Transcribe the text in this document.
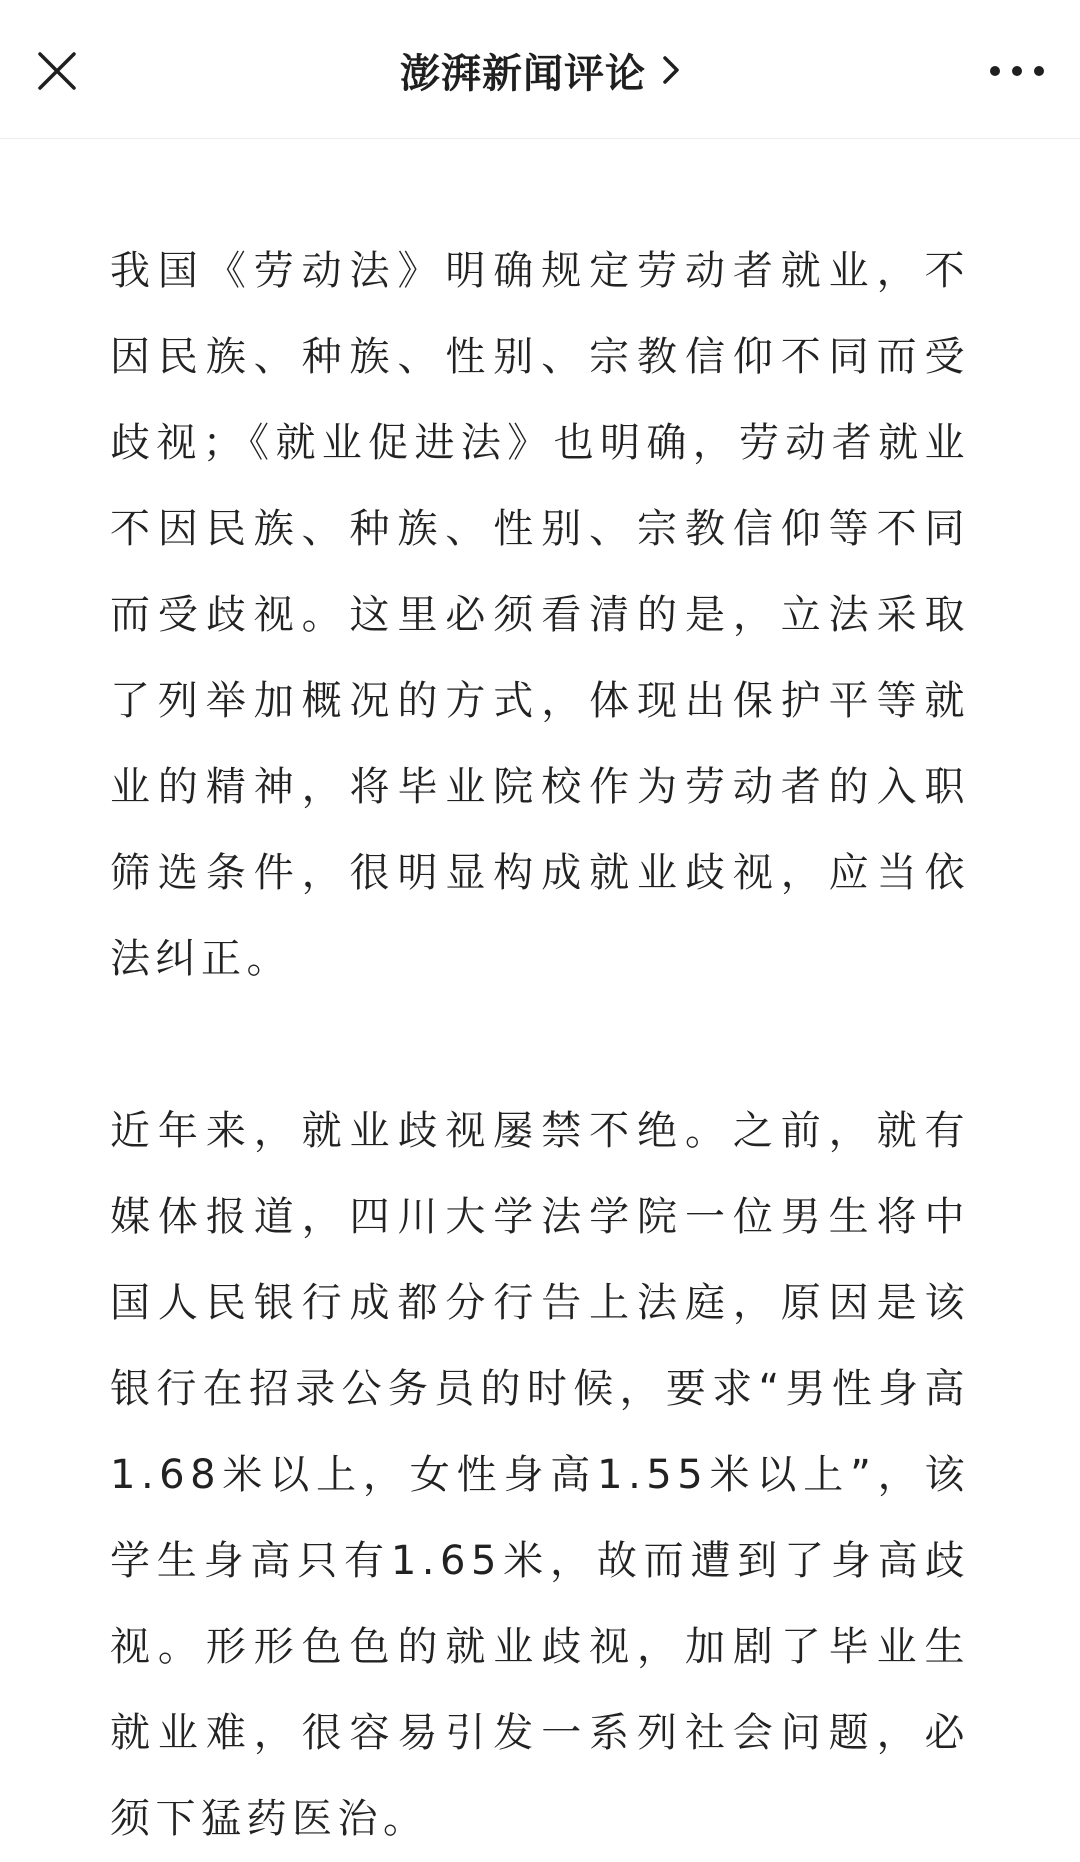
澎湃新闻评论

我国《劳动法》明确规定劳动者就业，不因民族、种族、性别、宗教信仰不同而受歧视；《就业促进法》也明确，劳动者就业不因民族、种族、性别、宗教信仰等不同而受歧视。这里必须看清的是，立法采取了列举加概况的方式，体现出保护平等就业的精神，将毕业院校作为劳动者的入职筛选条件，很明显构成就业歧视，应当依法纠正。

近年来，就业歧视屡禁不绝。之前，就有媒体报道，四川大学法学院一位男生将中国人民银行成都分行告上法庭，原因是该银行在招录公务员的时候，要求“男性身高1.68米以上，女性身高1.55米以上”，该学生身高只有1.65米，故而遭到了身高歧视。形形色色的就业歧视，加剧了毕业生就业难，很容易引发一系列社会问题，必须下猛药医治。
